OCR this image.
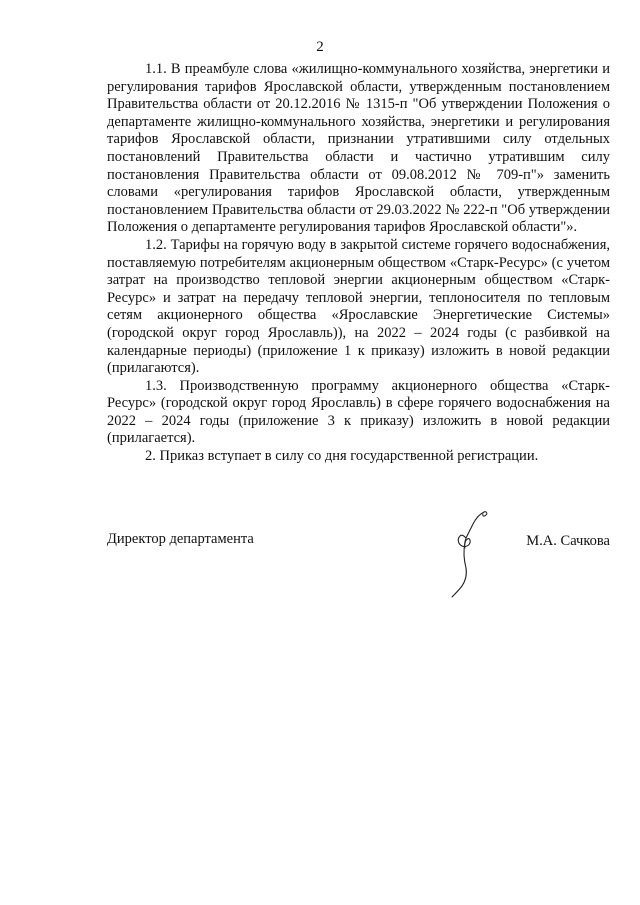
2

1.1. В преамбуле слова «жилищно-коммунального хозяйства, энергетики и регулирования тарифов Ярославской области, утвержденным постановлением Правительства области от 20.12.2016 № 1315-п "Об утверждении Положения о департаменте жилищно-коммунального хозяйства, энергетики и регулирования тарифов Ярославской области, признании утратившими силу отдельных постановлений Правительства области и частично утратившим силу постановления Правительства области от 09.08.2012 № 709-п"» заменить словами «регулирования тарифов Ярославской области, утвержденным постановлением Правительства области от 29.03.2022 № 222-п "Об утверждении Положения о департаменте регулирования тарифов Ярославской области"».

1.2. Тарифы на горячую воду в закрытой системе горячего водоснабжения, поставляемую потребителям акционерным обществом «Старк-Ресурс» (с учетом затрат на производство тепловой энергии акционерным обществом «Старк-Ресурс» и затрат на передачу тепловой энергии, теплоносителя по тепловым сетям акционерного общества «Ярославские Энергетические Системы» (городской округ город Ярославль)), на 2022 – 2024 годы (с разбивкой на календарные периоды) (приложение 1 к приказу) изложить в новой редакции (прилагаются).

1.3. Производственную программу акционерного общества «Старк-Ресурс» (городской округ город Ярославль) в сфере горячего водоснабжения на 2022 – 2024 годы (приложение 3 к приказу) изложить в новой редакции (прилагается).

2. Приказ вступает в силу со дня государственной регистрации.

Директор департамента	М.А. Сачкова
